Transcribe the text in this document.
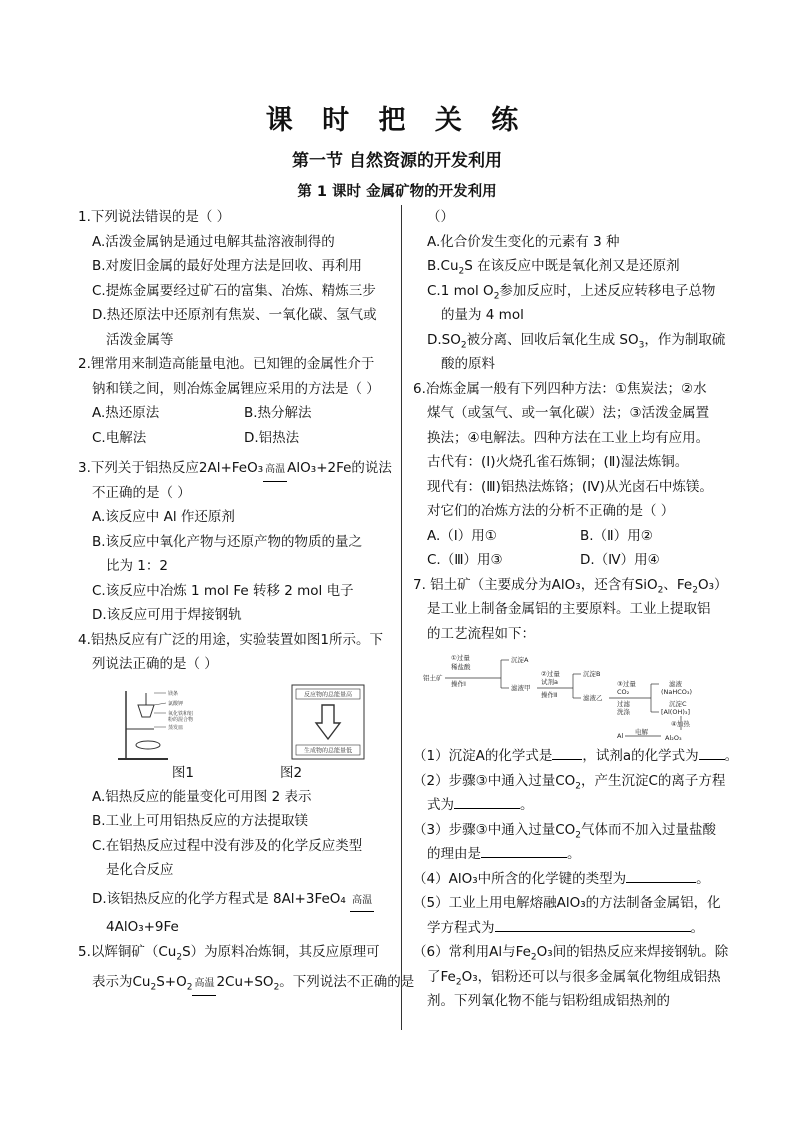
课 时 把 关 练
第一节 自然资源的开发利用
第 1 课时 金属矿物的开发利用
1.下列说法错误的是（ ）
A.活泼金属钠是通过电解其盐溶液制得的
B.对废旧金属的最好处理方法是回收、再利用
C.提炼金属要经过矿石的富集、冶炼、精炼三步
D.热还原法中还原剂有焦炭、一氧化碳、氢气或
活泼金属等
2.锂常用来制造高能量电池。已知锂的金属性介于
钠和镁之间，则冶炼金属锂应采用的方法是（ ）
A.热还原法	B.热分解法
C.电解法	D.铝热法
3.下列关于铝热反应2Al+FeO₃ 高温 AlO₃+2Fe的说法
不正确的是（ ）
A.该反应中 Al 作还原剂
B.该反应中氧化产物与还原产物的物质的量之
比为 1：2
C.该反应中冶炼 1 mol Fe 转移 2 mol 电子
D.该反应可用于焊接钢轨
4.铝热反应有广泛的用途，实验装置如图1所示。下
列说法正确的是（ ）
镁条
氯酸钾
氧化铁和铝
粉的混合物
蒸发皿
反应物的总能量高
生成物的总能量低
图1	图2
A.铝热反应的能量变化可用图 2 表示
B.工业上可用铝热反应的方法提取镁
C.在铝热反应过程中没有涉及的化学反应类型
是化合反应
D.该铝热反应的化学方程式是 8Al+3FeO₄ 高温
4AlO₃+9Fe
5.以辉铜矿$(Cu_2S)$为原料冶炼铜，其反应原理可
表示为$Cu_2S+O_2$ 高温 $2Cu+SO_2$。下列说法不正确的是
（）
A.化合价发生变化的元素有 3 种
$B.Cu_2S$ 在该反应中既是氧化剂又是还原剂
C.1 mol $O_2$参加反应时，上述反应转移电子总物
的量为 4 mol
$D.SO_2$被分离、回收后氧化生成 $SO_3$，作为制取硫
酸的原料
6.冶炼金属一般有下列四种方法：①焦炭法；②水
煤气（或氢气、或一氧化碳）法；③活泼金属置
换法；④电解法。四种方法在工业上均有应用。
古代有：(Ⅰ)火烧孔雀石炼铜；(Ⅱ)湿法炼铜。
现代有：(Ⅲ)铝热法炼铬；(Ⅳ)从光卤石中炼镁。
对它们的冶炼方法的分析不正确的是（ ）
A.（Ⅰ）用①	B.（Ⅱ）用②
C.（Ⅲ）用③	D.（Ⅳ）用④
7. 铝土矿（主要成分为AlO₃，还含有SiO$_2$、$Fe_2O_3$）
是工业上制备金属铝的主要原料。工业上提取铝
的工艺流程如下：
铝土矿
①过量
稀盐酸
操作Ⅰ
沉淀A
滤液甲
②过量
试剂a
操作Ⅱ
沉淀B
滤液乙
③过量
CO₂
过滤
洗涤
滤液
(NaHCO₃)
沉淀C
[Al(OH)₃]
④加热
Al 电解
Al₂O₃
（1）沉淀A的化学式是 ，试剂a的化学式为 。
（2）步骤③中通入过量$CO_2$，产生沉淀C的离子方程
式为	。
（3）步骤③中通入过量$CO_2$气体而不加入过量盐酸
的理由是	。
（4）AlO₃中所含的化学键的类型为	。
（5）工业上用电解熔融AlO₃的方法制备金属铝，化
学方程式为	。
（6）常利用Al与$Fe_2O_3$间的铝热反应来焊接钢轨。除
了$Fe_2O_3$，铝粉还可以与很多金属氧化物组成铝热
剂。下列氧化物不能与铝粉组成铝热剂的
